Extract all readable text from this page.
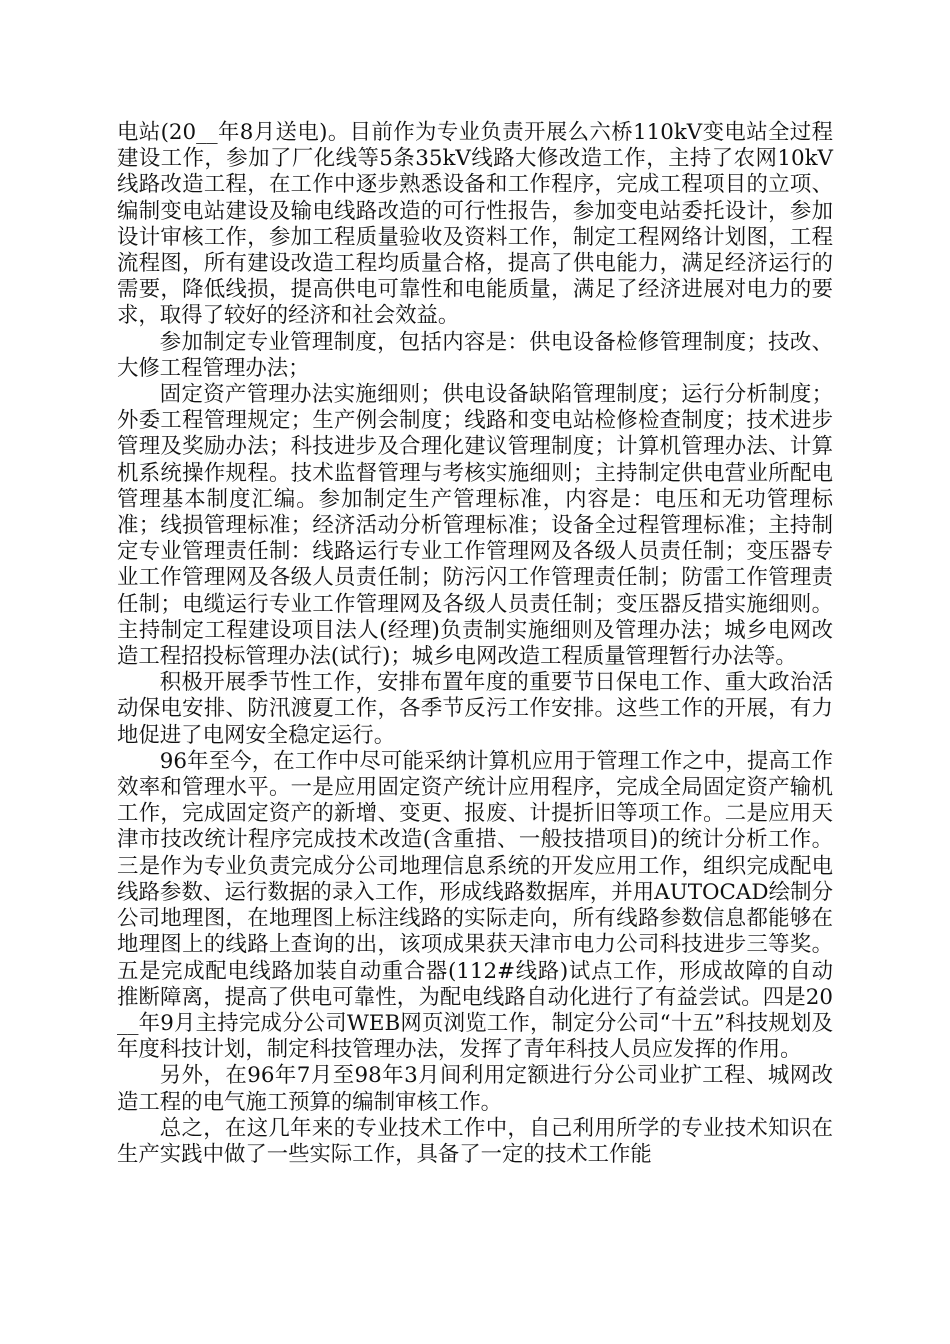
电站(20__年8月送电)。目前作为专业负责开展么六桥110kV变电站全过程建设工作，参加了厂化线等5条35kV线路大修改造工作，主持了农网10kV线路改造工程，在工作中逐步熟悉设备和工作程序，完成工程项目的立项、编制变电站建设及输电线路改造的可行性报告，参加变电站委托设计，参加设计审核工作，参加工程质量验收及资料工作，制定工程网络计划图，工程流程图，所有建设改造工程均质量合格，提高了供电能力，满足经济运行的需要，降低线损，提高供电可靠性和电能质量，满足了经济进展对电力的要求，取得了较好的经济和社会效益。

参加制定专业管理制度，包括内容是：供电设备检修管理制度；技改、大修工程管理办法；

固定资产管理办法实施细则；供电设备缺陷管理制度；运行分析制度；外委工程管理规定；生产例会制度；线路和变电站检修检查制度；技术进步管理及奖励办法；科技进步及合理化建议管理制度；计算机管理办法、计算机系统操作规程。技术监督管理与考核实施细则；主持制定供电营业所配电管理基本制度汇编。参加制定生产管理标准，内容是：电压和无功管理标准；线损管理标准；经济活动分析管理标准；设备全过程管理标准；主持制定专业管理责任制：线路运行专业工作管理网及各级人员责任制；变压器专业工作管理网及各级人员责任制；防污闪工作管理责任制；防雷工作管理责任制；电缆运行专业工作管理网及各级人员责任制；变压器反措实施细则。主持制定工程建设项目法人(经理)负责制实施细则及管理办法；城乡电网改造工程招投标管理办法(试行)；城乡电网改造工程质量管理暂行办法等。

积极开展季节性工作，安排布置年度的重要节日保电工作、重大政治活动保电安排、防汛渡夏工作，各季节反污工作安排。这些工作的开展，有力地促进了电网安全稳定运行。

96年至今，在工作中尽可能采纳计算机应用于管理工作之中，提高工作效率和管理水平。一是应用固定资产统计应用程序，完成全局固定资产输机工作，完成固定资产的新增、变更、报废、计提折旧等项工作。二是应用天津市技改统计程序完成技术改造(含重措、一般技措项目)的统计分析工作。三是作为专业负责完成分公司地理信息系统的开发应用工作，组织完成配电线路参数、运行数据的录入工作，形成线路数据库，并用AUTOCAD绘制分公司地理图，在地理图上标注线路的实际走向，所有线路参数信息都能够在地理图上的线路上查询的出，该项成果获天津市电力公司科技进步三等奖。五是完成配电线路加装自动重合器(112#线路)试点工作，形成故障的自动推断障离，提高了供电可靠性，为配电线路自动化进行了有益尝试。四是20__年9月主持完成分公司WEB网页浏览工作，制定分公司“十五”科技规划及年度科技计划，制定科技管理办法，发挥了青年科技人员应发挥的作用。

另外，在96年7月至98年3月间利用定额进行分公司业扩工程、城网改造工程的电气施工预算的编制审核工作。

总之，在这几年来的专业技术工作中，自己利用所学的专业技术知识在生产实践中做了一些实际工作，具备了一定的技术工作能
